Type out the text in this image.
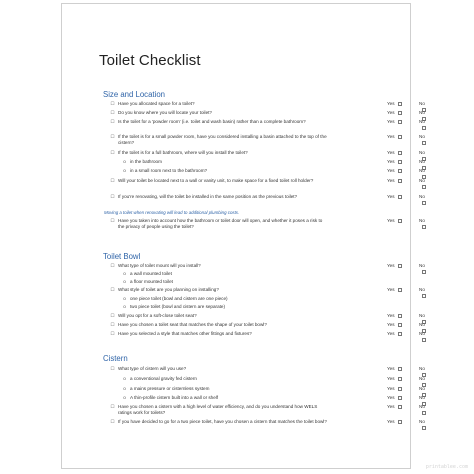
Toilet Checklist
Size and Location
☐ Have you allocated space for a toilet?	Yes	No
☐ Do you know where you will locate your toilet?	Yes	No
☐ Is the toilet for a 'powder room' (i.e. toilet and wash basin) rather than a complete bathroom?	Yes	No
☐ If the toilet is for a small powder room, have you considered installing a basin attached to the top of the cistern?
Yes	No
☐ If the toilet is for a full bathroom, where will you install the toilet?	Yes	No
o in the bathroom	Yes	No
o in a small room next to the bathroom?	Yes	No
☐ Will your toilet be located next to a wall or vanity unit, to make space for a fixed toilet roll holder?	Yes	No
☐ If you're renovating, will the toilet be installed in the same position as the previous toilet?	Yes	No
Moving a toilet when renovating will lead to additional plumbing costs.
☐ Have you taken into account how the bathroom or toilet door will open, and whether it poses a risk to the privacy of people using the toilet?
Yes	No
Toilet Bowl
☐ What type of toilet mount will you install?	Yes	No
o a wall mounted toilet
o a floor mounted toilet
☐ What style of toilet are you planning on installing?	Yes	No
o one piece toilet (bowl and cistern are one piece)
o two piece toilet (bowl and cistern are separate)
☐ Will you opt for a soft-close toilet seat?	Yes	No
☐ Have you chosen a toilet seat that matches the shape of your toilet bowl?	Yes	No
☐ Have you selected a style that matches other fittings and fixtures?	Yes	No
Cistern
☐ What type of cistern will you use?	Yes	No
o a conventional gravity fed cistern	Yes	No
o a mains pressure or cisternless system	Yes	No
o A thin-profile cistern built into a wall or shelf	Yes	No
☐ Have you chosen a cistern with a high level of water efficiency, and do you understand how WELS ratings work for toilets?
Yes	No
☐ If you have decided to go for a two piece toilet, have you chosen a cistern that matches the toilet bowl?	Yes	No
printablee.com
